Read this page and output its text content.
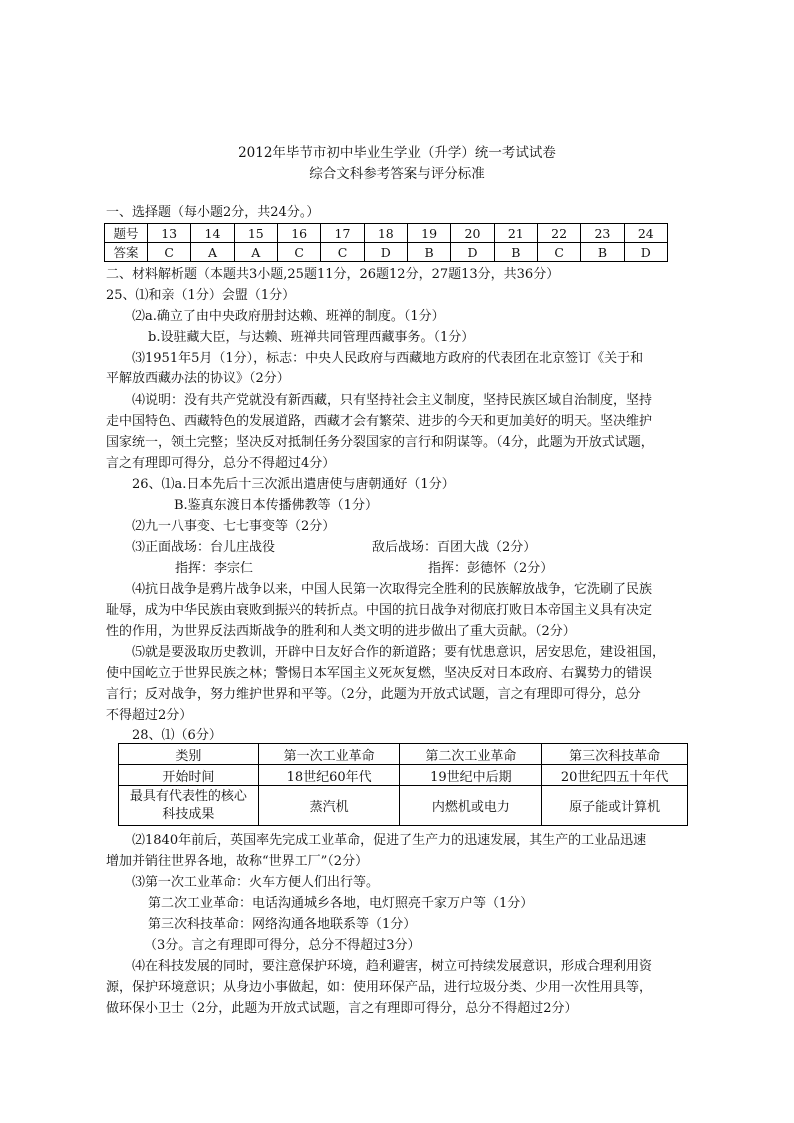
2012年毕节市初中毕业生学业（升学）统一考试试卷
综合文科参考答案与评分标准
一、选择题（每小题2分，共24分。）
题号	13	14	15	16	17	18	19	20	21	22	23	24
答案	C	A	A	C	C	D	B	D	B	C	B	D
二、材料解析题（本题共3小题,25题11分，26题12分，27题13分，共36分）
25、⑴和亲（1分）会盟（1分）
⑵a.确立了由中央政府册封达赖、班禅的制度。（1分）
b.设驻藏大臣，与达赖、班禅共同管理西藏事务。（1分）
⑶1951年5月（1分），标志：中央人民政府与西藏地方政府的代表团在北京签订《关于和
平解放西藏办法的协议》（2分）
⑷说明：没有共产党就没有新西藏，只有坚持社会主义制度，坚持民族区域自治制度，坚持
走中国特色、西藏特色的发展道路，西藏才会有繁荣、进步的今天和更加美好的明天。坚决维护
国家统一，领土完整；坚决反对抵制任务分裂国家的言行和阴谋等。（4分，此题为开放式试题，
言之有理即可得分，总分不得超过4分）
26、⑴a.日本先后十三次派出遣唐使与唐朝通好（1分）
B.鉴真东渡日本传播佛教等（1分）
⑵九一八事变、七七事变等（2分）
⑶正面战场：台儿庄战役	敌后战场：百团大战（2分）
指挥：李宗仁	指挥：彭德怀（2分）
⑷抗日战争是鸦片战争以来，中国人民第一次取得完全胜利的民族解放战争，它洗刷了民族
耻辱，成为中华民族由衰败到振兴的转折点。中国的抗日战争对彻底打败日本帝国主义具有决定
性的作用，为世界反法西斯战争的胜利和人类文明的进步做出了重大贡献。（2分）
⑸就是要汲取历史教训，开辟中日友好合作的新道路；要有忧患意识，居安思危，建设祖国，
使中国屹立于世界民族之林；警惕日本军国主义死灰复燃，坚决反对日本政府、右翼势力的错误
言行；反对战争，努力维护世界和平等。（2分，此题为开放式试题，言之有理即可得分，总分
不得超过2分）
28、⑴（6分）
类别	第一次工业革命	第二次工业革命	第三次科技革命
开始时间	18世纪60年代	19世纪中后期	20世纪四五十年代

最具有代表性的核心
科技成果	蒸汽机	内燃机或电力	原子能或计算机
⑵1840年前后，英国率先完成工业革命，促进了生产力的迅速发展，其生产的工业品迅速
增加并销往世界各地，故称“世界工厂”（2分）
⑶第一次工业革命：火车方便人们出行等。
第二次工业革命：电话沟通城乡各地，电灯照亮千家万户等（1分）
第三次科技革命：网络沟通各地联系等（1分）
（3分。言之有理即可得分，总分不得超过3分）
⑷在科技发展的同时，要注意保护环境，趋利避害，树立可持续发展意识，形成合理利用资
源，保护环境意识；从身边小事做起，如：使用环保产品，进行垃圾分类、少用一次性用具等，
做环保小卫士（2分，此题为开放式试题，言之有理即可得分，总分不得超过2分）
